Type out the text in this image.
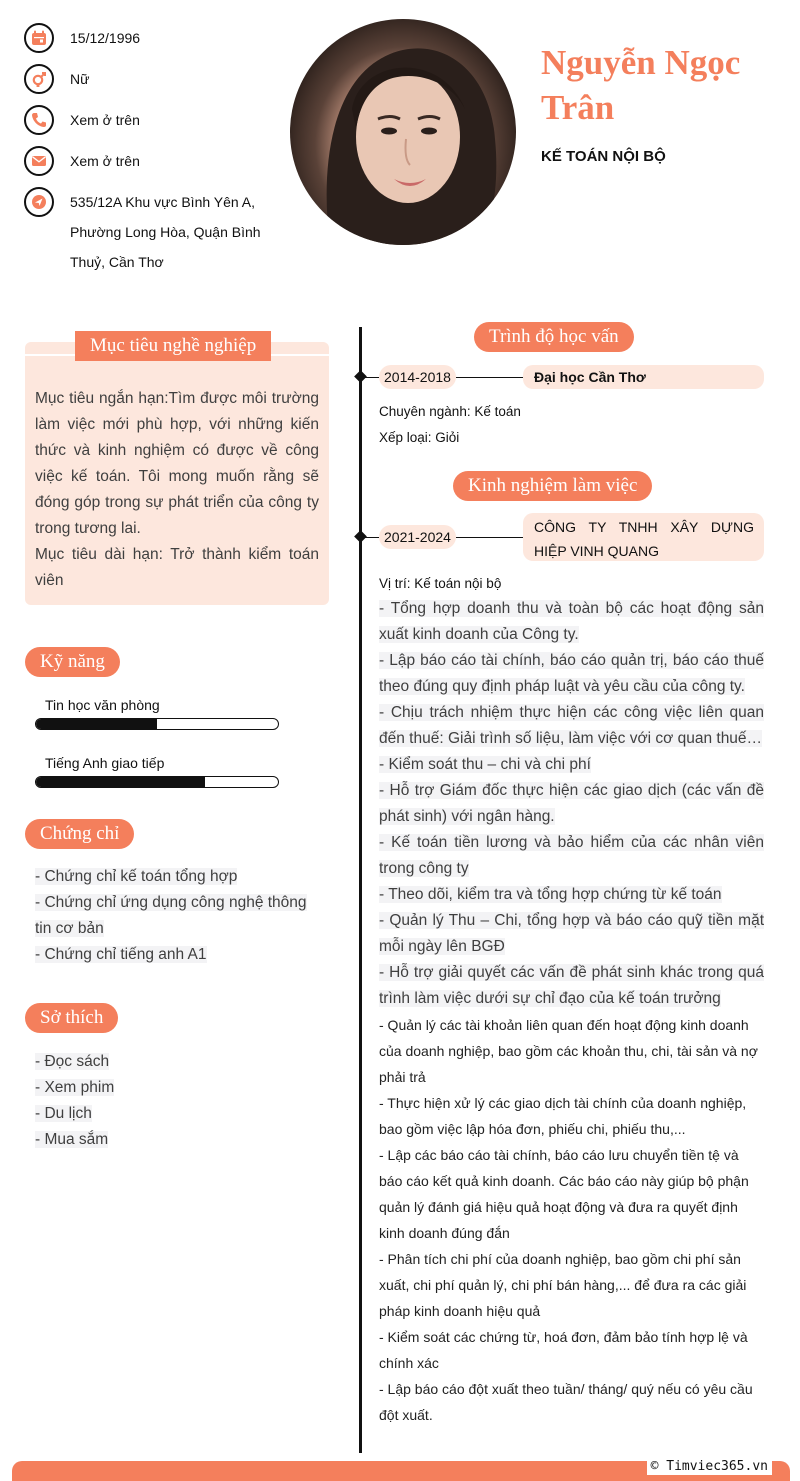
15/12/1996
Nữ
Xem ở trên
Xem ở trên
535/12A Khu vực Bình Yên A,
Phường Long Hòa, Quận Bình
Thuỷ, Cần Thơ
Nguyễn Ngọc
Trân
KẾ TOÁN NỘI BỘ
Mục tiêu nghề nghiệp

Mục tiêu ngắn hạn:Tìm được môi trường làm việc mới phù hợp, với những kiến thức và kinh nghiệm có được về công việc kế toán. Tôi mong muốn rằng sẽ đóng góp trong sự phát triển của công ty trong tương lai.

Mục tiêu dài hạn: Trở thành kiểm toán viên

Kỹ năng
Tin học văn phòng
Tiếng Anh giao tiếp
Chứng chỉ
- Chứng chỉ kế toán tổng hợp
- Chứng chỉ ứng dụng công nghệ thông tin cơ bản
- Chứng chỉ tiếng anh A1
Sở thích
- Đọc sách
- Xem phim
- Du lịch
- Mua sắm
Trình độ học vấn
2014-2018	Đại học Cần Thơ
Chuyên ngành: Kế toán
Xếp loại: Giỏi
Kinh nghiệm làm việc
2021-2024
CÔNG TY TNHH XÂY DỰNG
HIỆP VINH QUANG
Vị trí: Kế toán nội bộ

- Tổng hợp doanh thu và toàn bộ các hoạt động sản xuất kinh doanh của Công ty.

- Lập báo cáo tài chính, báo cáo quản trị, báo cáo thuế theo đúng quy định pháp luật và yêu cầu của công ty.

- Chịu trách nhiệm thực hiện các công việc liên quan đến thuế: Giải trình số liệu, làm việc với cơ quan thuế…

- Kiểm soát thu – chi và chi phí

- Hỗ trợ Giám đốc thực hiện các giao dịch (các vấn đề phát sinh) với ngân hàng.

- Kế toán tiền lương và bảo hiểm của các nhân viên trong công ty

- Theo dõi, kiểm tra và tổng hợp chứng từ kế toán

- Quản lý Thu – Chi, tổng hợp và báo cáo quỹ tiền mặt mỗi ngày lên BGĐ

- Hỗ trợ giải quyết các vấn đề phát sinh khác trong quá trình làm việc dưới sự chỉ đạo của kế toán trưởng

- Quản lý các tài khoản liên quan đến hoạt động kinh doanh của doanh nghiệp, bao gồm các khoản thu, chi, tài sản và nợ phải trả

- Thực hiện xử lý các giao dịch tài chính của doanh nghiệp, bao gồm việc lập hóa đơn, phiếu chi, phiếu thu,...

- Lập các báo cáo tài chính, báo cáo lưu chuyển tiền tệ và báo cáo kết quả kinh doanh. Các báo cáo này giúp bộ phận quản lý đánh giá hiệu quả hoạt động và đưa ra quyết định kinh doanh đúng đắn

- Phân tích chi phí của doanh nghiệp, bao gồm chi phí sản xuất, chi phí quản lý, chi phí bán hàng,... để đưa ra các giải pháp kinh doanh hiệu quả

- Kiểm soát các chứng từ, hoá đơn, đảm bảo tính hợp lệ và chính xác

- Lập báo cáo đột xuất theo tuần/ tháng/ quý nếu có yêu cầu đột xuất.

© Timviec365.vn
